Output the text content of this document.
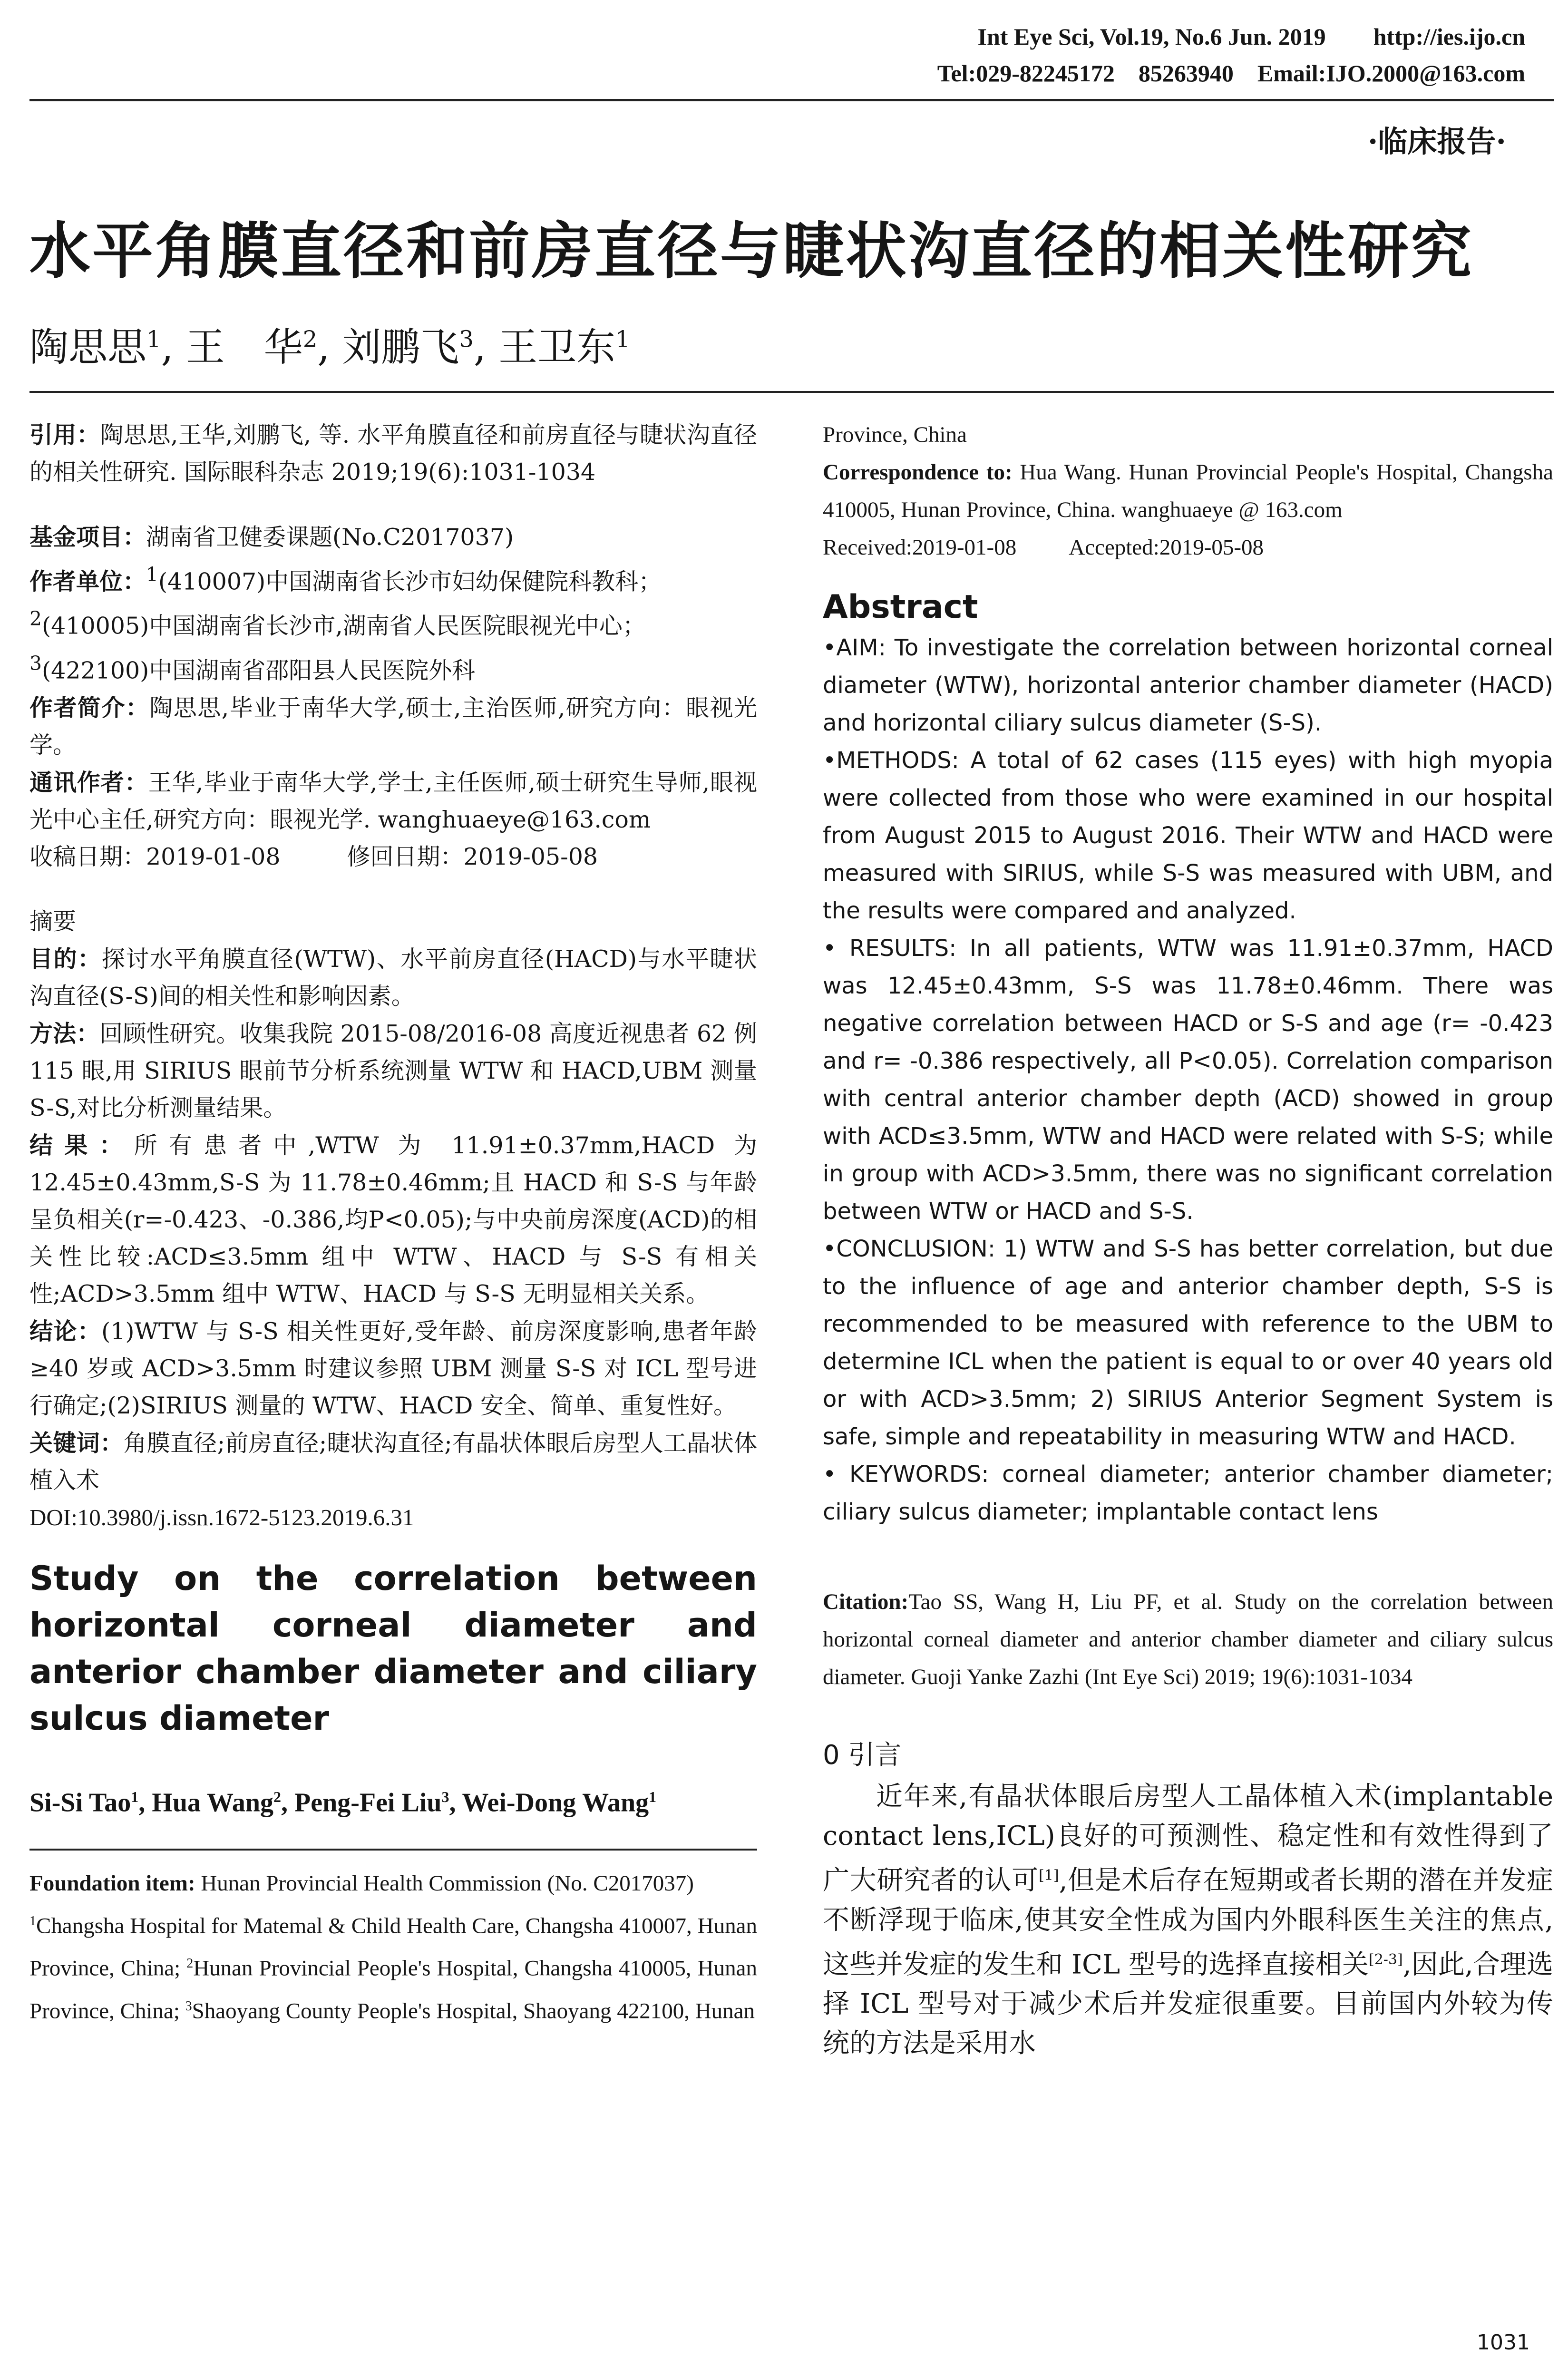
Int Eye Sci, Vol.19, No.6 Jun. 2019        http://ies.ijo.cn
Tel:029-82245172    85263940    Email:IJO.2000@163.com
·临床报告·
水平角膜直径和前房直径与睫状沟直径的相关性研究
陶思思$^1$, 王　华$^2$, 刘鹏飞$^3$, 王卫东$^1$

引用：陶思思,王华,刘鹏飞, 等. 水平角膜直径和前房直径与睫状沟直径的相关性研究. 国际眼科杂志 2019;19(6):1031-1034

基金项目：湖南省卫健委课题(No.C2017037)

作者单位：$^1$(410007)中国湖南省长沙市妇幼保健院科教科；
$^2$(410005)中国湖南省长沙市,湖南省人民医院眼视光中心；
$^3$(422100)中国湖南省邵阳县人民医院外科

作者简介：陶思思,毕业于南华大学,硕士,主治医师,研究方向：眼视光学。

通讯作者：王华,毕业于南华大学,学士,主任医师,硕士研究生导师,眼视光中心主任,研究方向：眼视光学. wanghuaeye@163.com

收稿日期：2019-01-08	修回日期：2019-05-08

摘要

目的：探讨水平角膜直径(WTW)、水平前房直径(HACD)与水平睫状沟直径(S-S)间的相关性和影响因素。

方法：回顾性研究。收集我院 2015-08/2016-08 高度近视患者 62 例 115 眼,用 SIRIUS 眼前节分析系统测量 WTW 和 HACD,UBM 测量 S-S,对比分析测量结果。

结果：所有患者中,WTW 为 11.91±0.37mm,HACD 为 12.45±0.43mm,S-S 为 11.78±0.46mm;且 HACD 和 S-S 与年龄呈负相关(r=-0.423、-0.386,均P<0.05);与中央前房深度(ACD)的相关性比较:ACD≤3.5mm 组中 WTW、HACD 与 S-S 有相关性;ACD>3.5mm 组中 WTW、HACD 与 S-S 无明显相关关系。

结论：(1)WTW 与 S-S 相关性更好,受年龄、前房深度影响,患者年龄≥40 岁或 ACD>3.5mm 时建议参照 UBM 测量 S-S 对 ICL 型号进行确定;(2)SIRIUS 测量的 WTW、HACD 安全、简单、重复性好。

关键词：角膜直径;前房直径;睫状沟直径;有晶状体眼后房型人工晶状体植入术

DOI:10.3980/j.issn.1672-5123.2019.6.31

Study on the correlation between horizontal corneal diameter and anterior chamber diameter and ciliary sulcus diameter

Si-Si Tao$^1$, Hua Wang$^2$, Peng-Fei Liu$^3$, Wei-Dong Wang$^1$

Foundation item: Hunan Provincial Health Commission (No. C2017037)

$^1$Changsha Hospital for Matemal & Child Health Care, Changsha 410007, Hunan Province, China; $^2$Hunan Provincial People's Hospital, Changsha 410005, Hunan Province, China; $^3$Shaoyang County People's Hospital, Shaoyang 422100, Hunan

Province, China

Correspondence to: Hua Wang. Hunan Provincial People's Hospital, Changsha 410005, Hunan Province, China. wanghuaeye @ 163.com

Received:2019-01-08 Accepted:2019-05-08

Abstract

•AIM: To investigate the correlation between horizontal corneal diameter (WTW), horizontal anterior chamber diameter (HACD) and horizontal ciliary sulcus diameter (S-S).

•METHODS: A total of 62 cases (115 eyes) with high myopia were collected from those who were examined in our hospital from August 2015 to August 2016. Their WTW and HACD were measured with SIRIUS, while S-S was measured with UBM, and the results were compared and analyzed.

• RESULTS: In all patients, WTW was 11.91±0.37mm, HACD was 12.45±0.43mm, S-S was 11.78±0.46mm. There was negative correlation between HACD or S-S and age (r= -0.423 and r= -0.386 respectively, all P<0.05). Correlation comparison with central anterior chamber depth (ACD) showed in group with ACD≤3.5mm, WTW and HACD were related with S-S; while in group with ACD>3.5mm, there was no significant correlation between WTW or HACD and S-S.

•CONCLUSION: 1) WTW and S-S has better correlation, but due to the influence of age and anterior chamber depth, S-S is recommended to be measured with reference to the UBM to determine ICL when the patient is equal to or over 40 years old or with ACD>3.5mm; 2) SIRIUS Anterior Segment System is safe, simple and repeatability in measuring WTW and HACD.

• KEYWORDS: corneal diameter; anterior chamber diameter; ciliary sulcus diameter; implantable contact lens

Citation:Tao SS, Wang H, Liu PF, et al. Study on the correlation between horizontal corneal diameter and anterior chamber diameter and ciliary sulcus diameter. Guoji Yanke Zazhi (Int Eye Sci) 2019; 19(6):1031-1034

0 引言

近年来,有晶状体眼后房型人工晶体植入术(implantable contact lens,ICL)良好的可预测性、稳定性和有效性得到了广大研究者的认可[1],但是术后存在短期或者长期的潜在并发症不断浮现于临床,使其安全性成为国内外眼科医生关注的焦点,这些并发症的发生和 ICL 型号的选择直接相关[2-3],因此,合理选择 ICL 型号对于减少术后并发症很重要。目前国内外较为传统的方法是采用水

1031
